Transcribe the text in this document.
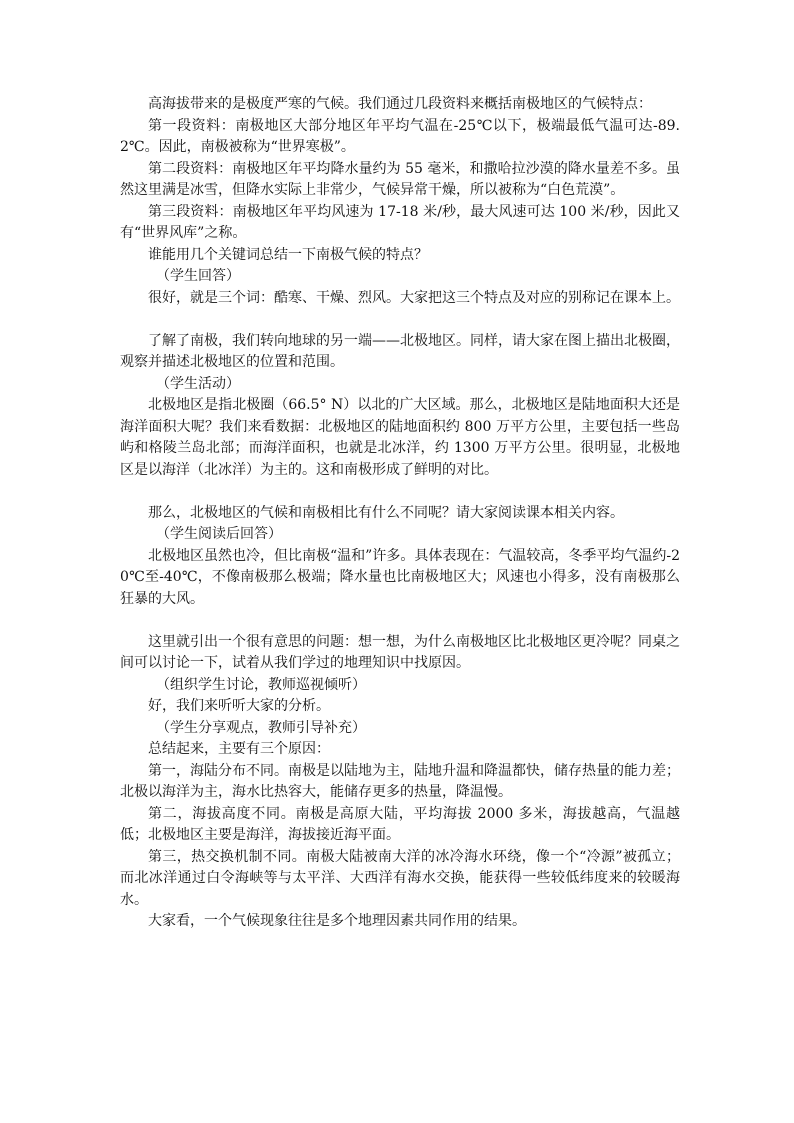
高海拔带来的是极度严寒的气候。我们通过几段资料来概括南极地区的气候特点：

第一段资料：南极地区大部分地区年平均气温在-25℃以下，极端最低气温可达-89.2℃。因此，南极被称为“世界寒极”。

第二段资料：南极地区年平均降水量约为 55 毫米，和撒哈拉沙漠的降水量差不多。虽然这里满是冰雪，但降水实际上非常少，气候异常干燥，所以被称为“白色荒漠”。

第三段资料：南极地区年平均风速为 17-18 米/秒，最大风速可达 100 米/秒，因此又有“世界风库”之称。

谁能用几个关键词总结一下南极气候的特点？

（学生回答）

很好，就是三个词：酷寒、干燥、烈风。大家把这三个特点及对应的别称记在课本上。

了解了南极，我们转向地球的另一端——北极地区。同样，请大家在图上描出北极圈，观察并描述北极地区的位置和范围。

（学生活动）

北极地区是指北极圈（66.5° N）以北的广大区域。那么，北极地区是陆地面积大还是海洋面积大呢？我们来看数据：北极地区的陆地面积约 800 万平方公里，主要包括一些岛屿和格陵兰岛北部；而海洋面积，也就是北冰洋，约 1300 万平方公里。很明显，北极地区是以海洋（北冰洋）为主的。这和南极形成了鲜明的对比。

那么，北极地区的气候和南极相比有什么不同呢？请大家阅读课本相关内容。

（学生阅读后回答）

北极地区虽然也冷，但比南极“温和”许多。具体表现在：气温较高，冬季平均气温约-20℃至-40℃，不像南极那么极端；降水量也比南极地区大；风速也小得多，没有南极那么狂暴的大风。

这里就引出一个很有意思的问题：想一想，为什么南极地区比北极地区更冷呢？同桌之间可以讨论一下，试着从我们学过的地理知识中找原因。

（组织学生讨论，教师巡视倾听）

好，我们来听听大家的分析。

（学生分享观点，教师引导补充）

总结起来，主要有三个原因：

第一，海陆分布不同。南极是以陆地为主，陆地升温和降温都快，储存热量的能力差；北极以海洋为主，海水比热容大，能储存更多的热量，降温慢。

第二，海拔高度不同。南极是高原大陆，平均海拔 2000 多米，海拔越高，气温越低；北极地区主要是海洋，海拔接近海平面。

第三，热交换机制不同。南极大陆被南大洋的冰冷海水环绕，像一个“冷源”被孤立；而北冰洋通过白令海峡等与太平洋、大西洋有海水交换，能获得一些较低纬度来的较暖海水。

大家看，一个气候现象往往是多个地理因素共同作用的结果。
